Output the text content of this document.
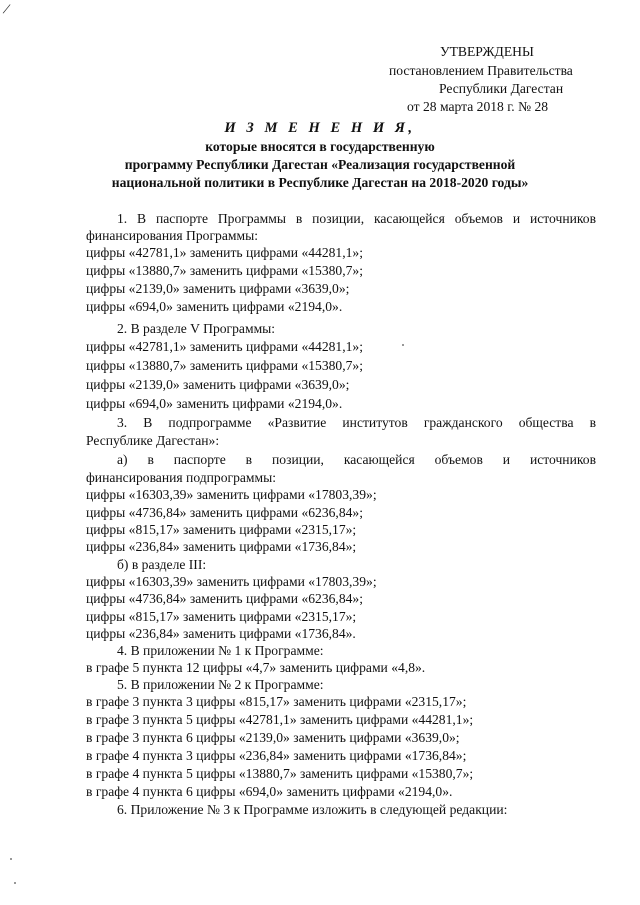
/
УТВЕРЖДЕНЫ
постановлением Правительства
Республики Дагестан
от 28 марта 2018 г. № 28
И З М Е Н Е Н И Я,
которые вносятся в государственную
программу Республики Дагестан «Реализация государственной
национальной политики в Республике Дагестан на 2018-2020 годы»
1. В паспорте Программы в позиции, касающейся объемов и источников
финансирования Программы:
цифры «42781,1» заменить цифрами «44281,1»;
цифры «13880,7» заменить цифрами «15380,7»;
цифры «2139,0» заменить цифрами «3639,0»;
цифры «694,0» заменить цифрами «2194,0».
2. В разделе V Программы:
цифры «42781,1» заменить цифрами «44281,1»;
цифры «13880,7» заменить цифрами «15380,7»;
цифры «2139,0» заменить цифрами «3639,0»;
цифры «694,0» заменить цифрами «2194,0».
3. В подпрограмме «Развитие институтов гражданского общества в
Республике Дагестан»:
а) в паспорте в позиции, касающейся объемов и источников
финансирования подпрограммы:
цифры «16303,39» заменить цифрами «17803,39»;
цифры «4736,84» заменить цифрами «6236,84»;
цифры «815,17» заменить цифрами «2315,17»;
цифры «236,84» заменить цифрами «1736,84»;
б) в разделе III:
цифры «16303,39» заменить цифрами «17803,39»;
цифры «4736,84» заменить цифрами «6236,84»;
цифры «815,17» заменить цифрами «2315,17»;
цифры «236,84» заменить цифрами «1736,84».
4. В приложении № 1 к Программе:
в графе 5 пункта 12 цифры «4,7» заменить цифрами «4,8».
5. В приложении № 2 к Программе:
в графе 3 пункта 3 цифры «815,17» заменить цифрами «2315,17»;
в графе 3 пункта 5 цифры «42781,1» заменить цифрами «44281,1»;
в графе 3 пункта 6 цифры «2139,0» заменить цифрами «3639,0»;
в графе 4 пункта 3 цифры «236,84» заменить цифрами «1736,84»;
в графе 4 пункта 5 цифры «13880,7» заменить цифрами «15380,7»;
в графе 4 пункта 6 цифры «694,0» заменить цифрами «2194,0».
6. Приложение № 3 к Программе изложить в следующей редакции:
